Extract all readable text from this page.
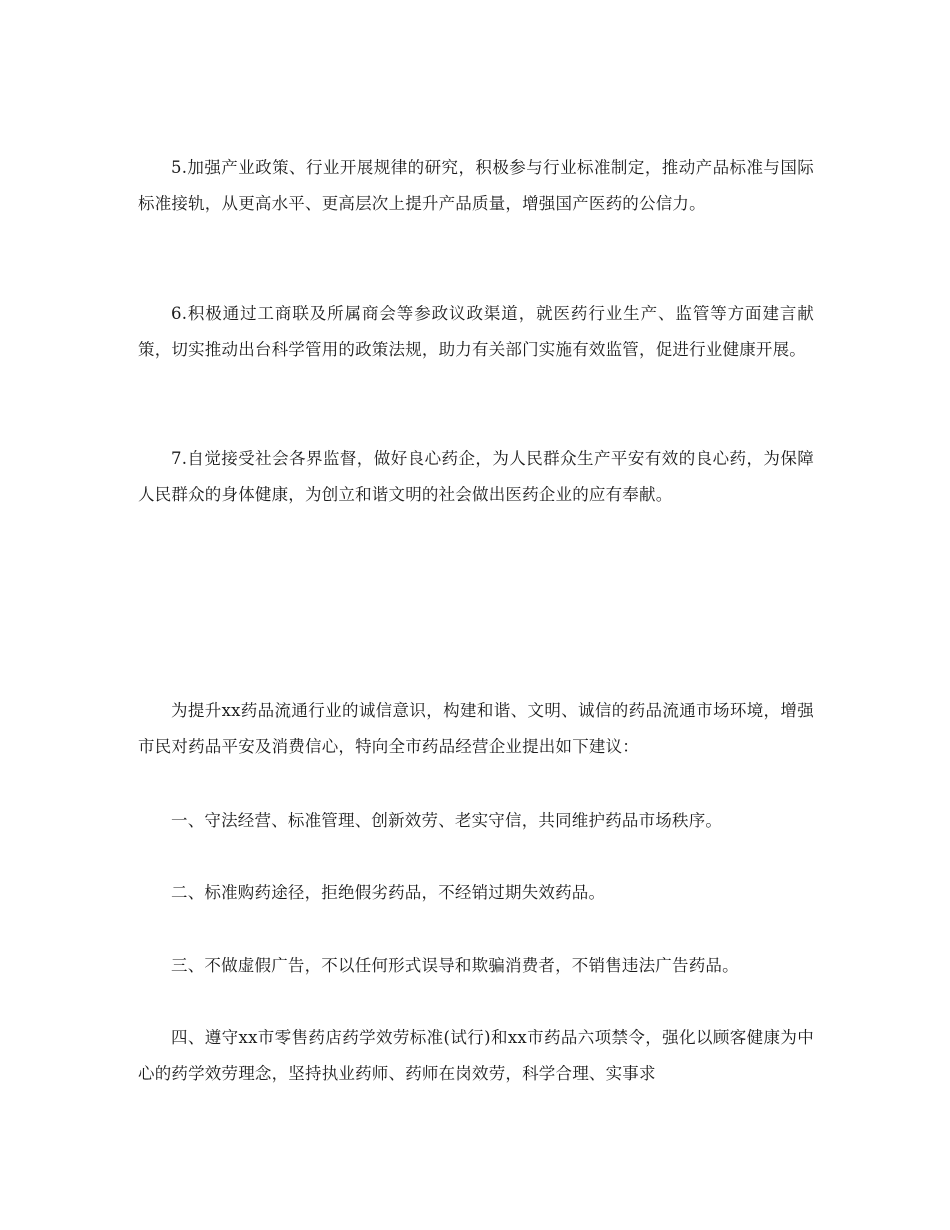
5.加强产业政策、行业开展规律的研究，积极参与行业标准制定，推动产品标准与国际标准接轨，从更高水平、更高层次上提升产品质量，增强国产医药的公信力。

6.积极通过工商联及所属商会等参政议政渠道，就医药行业生产、监管等方面建言献策，切实推动出台科学管用的政策法规，助力有关部门实施有效监管，促进行业健康开展。

7.自觉接受社会各界监督，做好良心药企，为人民群众生产平安有效的良心药，为保障人民群众的身体健康，为创立和谐文明的社会做出医药企业的应有奉献。

为提升xx药品流通行业的诚信意识，构建和谐、文明、诚信的药品流通市场环境，增强市民对药品平安及消费信心，特向全市药品经营企业提出如下建议：

一、守法经营、标准管理、创新效劳、老实守信，共同维护药品市场秩序。

二、标准购药途径，拒绝假劣药品，不经销过期失效药品。

三、不做虚假广告，不以任何形式误导和欺骗消费者，不销售违法广告药品。

四、遵守xx市零售药店药学效劳标准(试行)和xx市药品六项禁令，强化以顾客健康为中心的药学效劳理念，坚持执业药师、药师在岗效劳，科学合理、实事求
